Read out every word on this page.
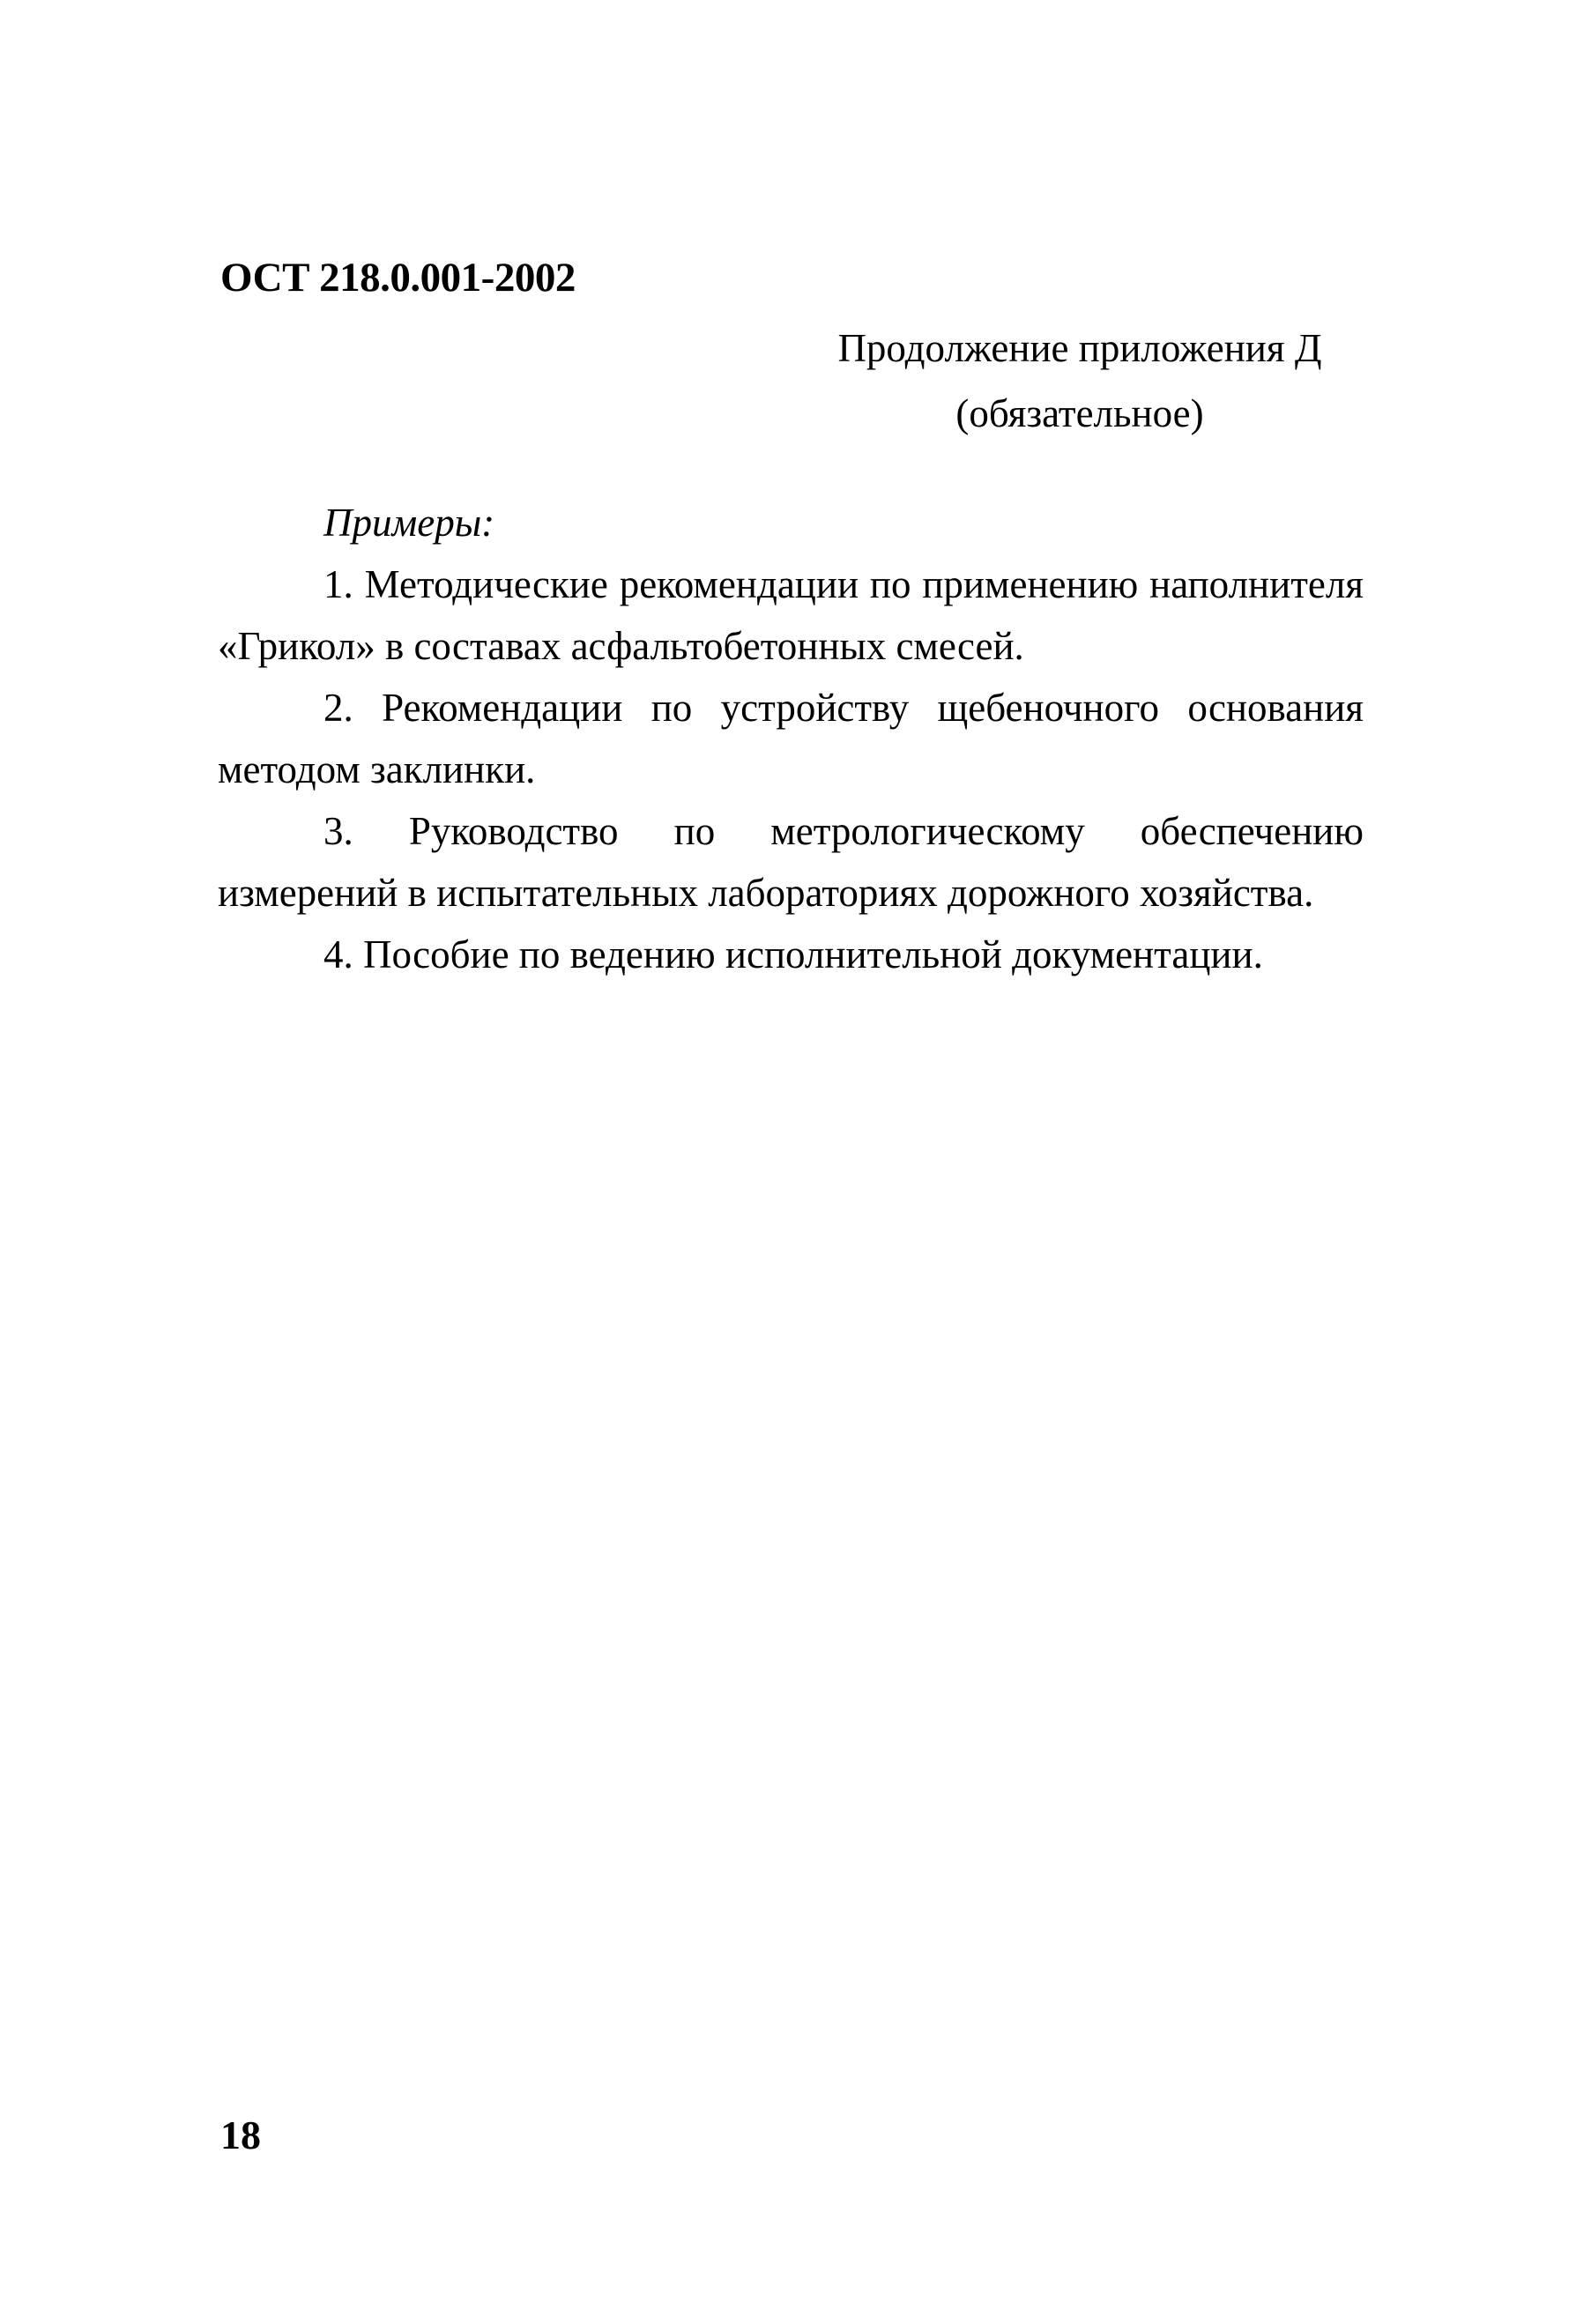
ОСТ 218.0.001-2002
Продолжение приложения Д
(обязательное)
Примеры:

1. Методические рекомендации по применению наполнителя «Грикол» в составах асфальтобетонных смесей.

2. Рекомендации по устройству щебеночного основания методом заклинки.

3. Руководство по метрологическому обеспечению измерений в испытательных лабораториях дорожного хозяйства.

4. Пособие по ведению исполнительной документации.

18
